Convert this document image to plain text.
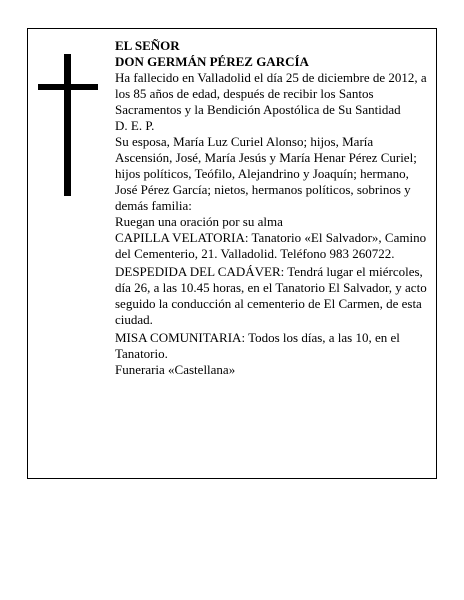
EL SEÑOR

DON GERMÁN PÉREZ GARCÍA

Ha fallecido en Valladolid el día 25 de diciembre de 2012, a los 85 años de edad, después de recibir los Santos Sacramentos y la Bendición Apostólica de Su Santidad

D. E. P.

Su esposa, María Luz Curiel Alonso; hijos, María Ascensión, José, María Jesús y María Henar Pérez Curiel; hijos políticos, Teófilo, Alejandrino y Joaquín; hermano, José Pérez García; nietos, hermanos políticos, sobrinos y demás familia:

Ruegan una oración por su alma

CAPILLA VELATORIA: Tanatorio «El Salvador», Camino del Cementerio, 21. Valladolid. Teléfono 983 260722.

DESPEDIDA DEL CADÁVER: Tendrá lugar el miércoles, día 26, a las 10.45 horas, en el Tanatorio El Salvador, y acto seguido la conducción al cementerio de El Carmen, de esta ciudad.

MISA COMUNITARIA: Todos los días, a las 10, en el Tanatorio.

Funeraria «Castellana»
